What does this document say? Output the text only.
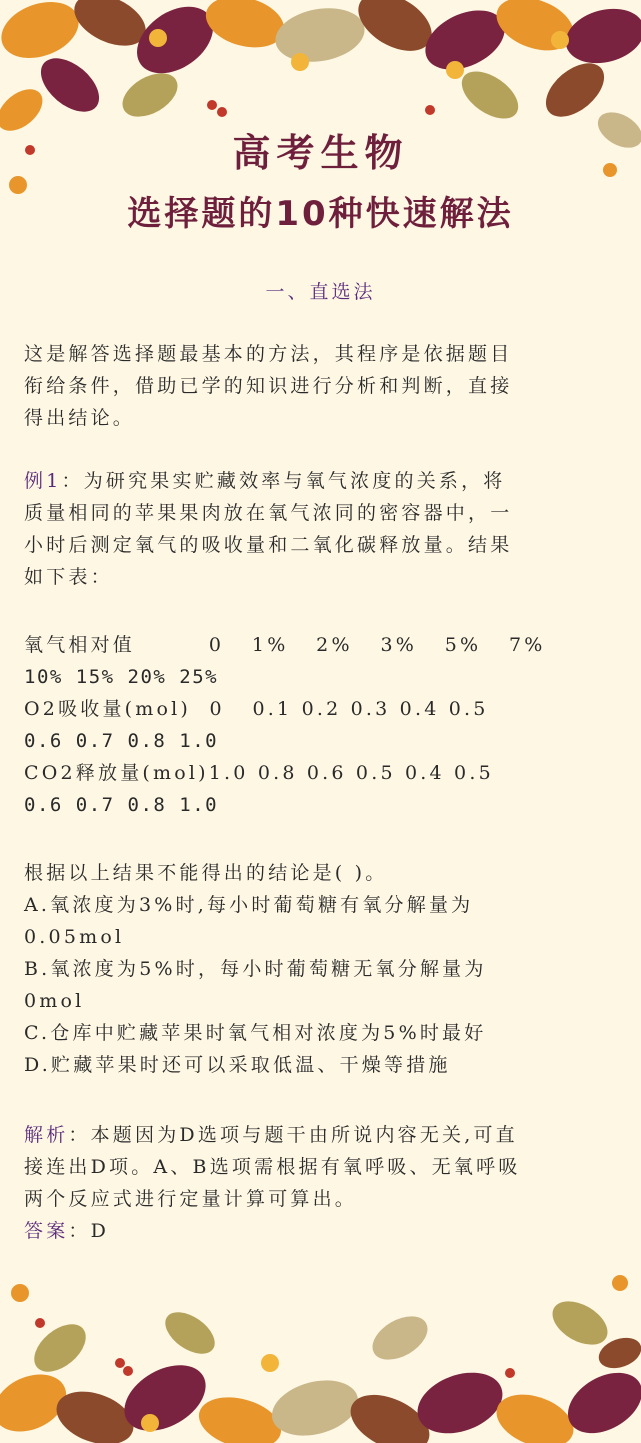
高考生物
选择题的10种快速解法
一、直选法
这是解答选择题最基本的方法，其程序是依据题目
衔给条件，借助已学的知识进行分析和判断，直接
得出结论。
例1：为研究果实贮藏效率与氧气浓度的关系，将
质量相同的苹果果肉放在氧气浓同的密容器中，一
小时后测定氧气的吸收量和二氧化碳释放量。结果
如下表：
氧气相对值        0   1%   2%   3%   5%   7%
10% 15% 20% 25%
O2吸收量(mol)  0   0.1 0.2 0.3 0.4 0.5
0.6 0.7 0.8 1.0
CO2释放量(mol)1.0 0.8 0.6 0.5 0.4 0.5
0.6 0.7 0.8 1.0
根据以上结果不能得出的结论是( )。
A.氧浓度为3%时,每小时葡萄糖有氧分解量为
0.05mol
B.氧浓度为5%时，每小时葡萄糖无氧分解量为
0mol
C.仓库中贮藏苹果时氧气相对浓度为5%时最好
D.贮藏苹果时还可以采取低温、干燥等措施
解析：本题因为D选项与题干由所说内容无关,可直
接连出D项。A、B选项需根据有氧呼吸、无氧呼吸
两个反应式进行定量计算可算出。
答案：D
